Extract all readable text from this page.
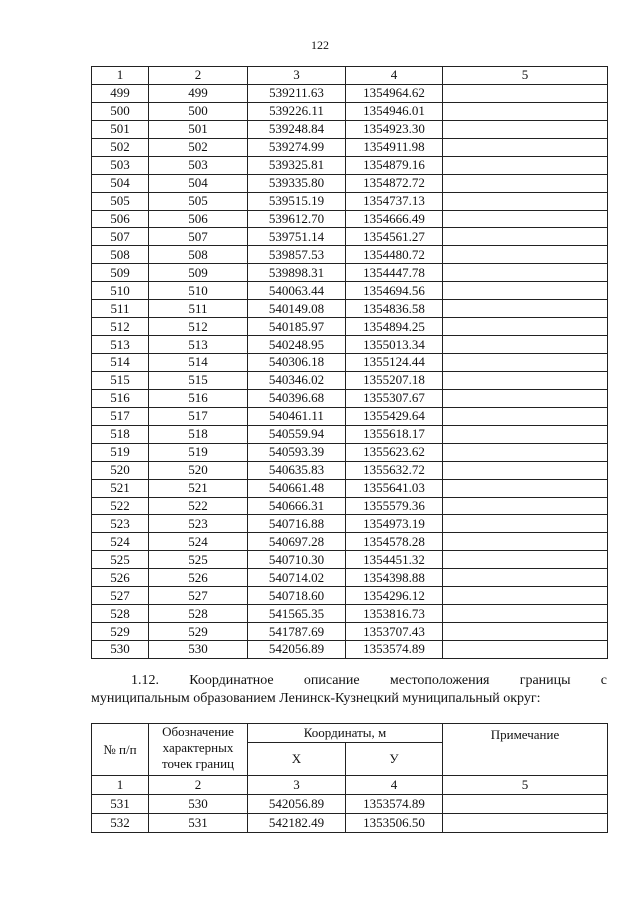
122
1	2	3	4	5
499	499	539211.63	1354964.62	
500	500	539226.11	1354946.01	
501	501	539248.84	1354923.30	
502	502	539274.99	1354911.98	
503	503	539325.81	1354879.16	
504	504	539335.80	1354872.72	
505	505	539515.19	1354737.13	
506	506	539612.70	1354666.49	
507	507	539751.14	1354561.27	
508	508	539857.53	1354480.72	
509	509	539898.31	1354447.78	
510	510	540063.44	1354694.56	
511	511	540149.08	1354836.58	
512	512	540185.97	1354894.25	
513	513	540248.95	1355013.34	
514	514	540306.18	1355124.44	
515	515	540346.02	1355207.18	
516	516	540396.68	1355307.67	
517	517	540461.11	1355429.64	
518	518	540559.94	1355618.17	
519	519	540593.39	1355623.62	
520	520	540635.83	1355632.72	
521	521	540661.48	1355641.03	
522	522	540666.31	1355579.36	
523	523	540716.88	1354973.19	
524	524	540697.28	1354578.28	
525	525	540710.30	1354451.32	
526	526	540714.02	1354398.88	
527	527	540718.60	1354296.12	
528	528	541565.35	1353816.73	
529	529	541787.69	1353707.43	
530	530	542056.89	1353574.89	

1.12. Координатное описание местоположения границы с

муниципальным образованием Ленинск-Кузнецкий муниципальный округ:

№ п/п	Обозначение характерных точек границ	Координаты, м		Примечание
		Х	У	
1	2	3	4	5
531	530	542056.89	1353574.89	
532	531	542182.49	1353506.50	
